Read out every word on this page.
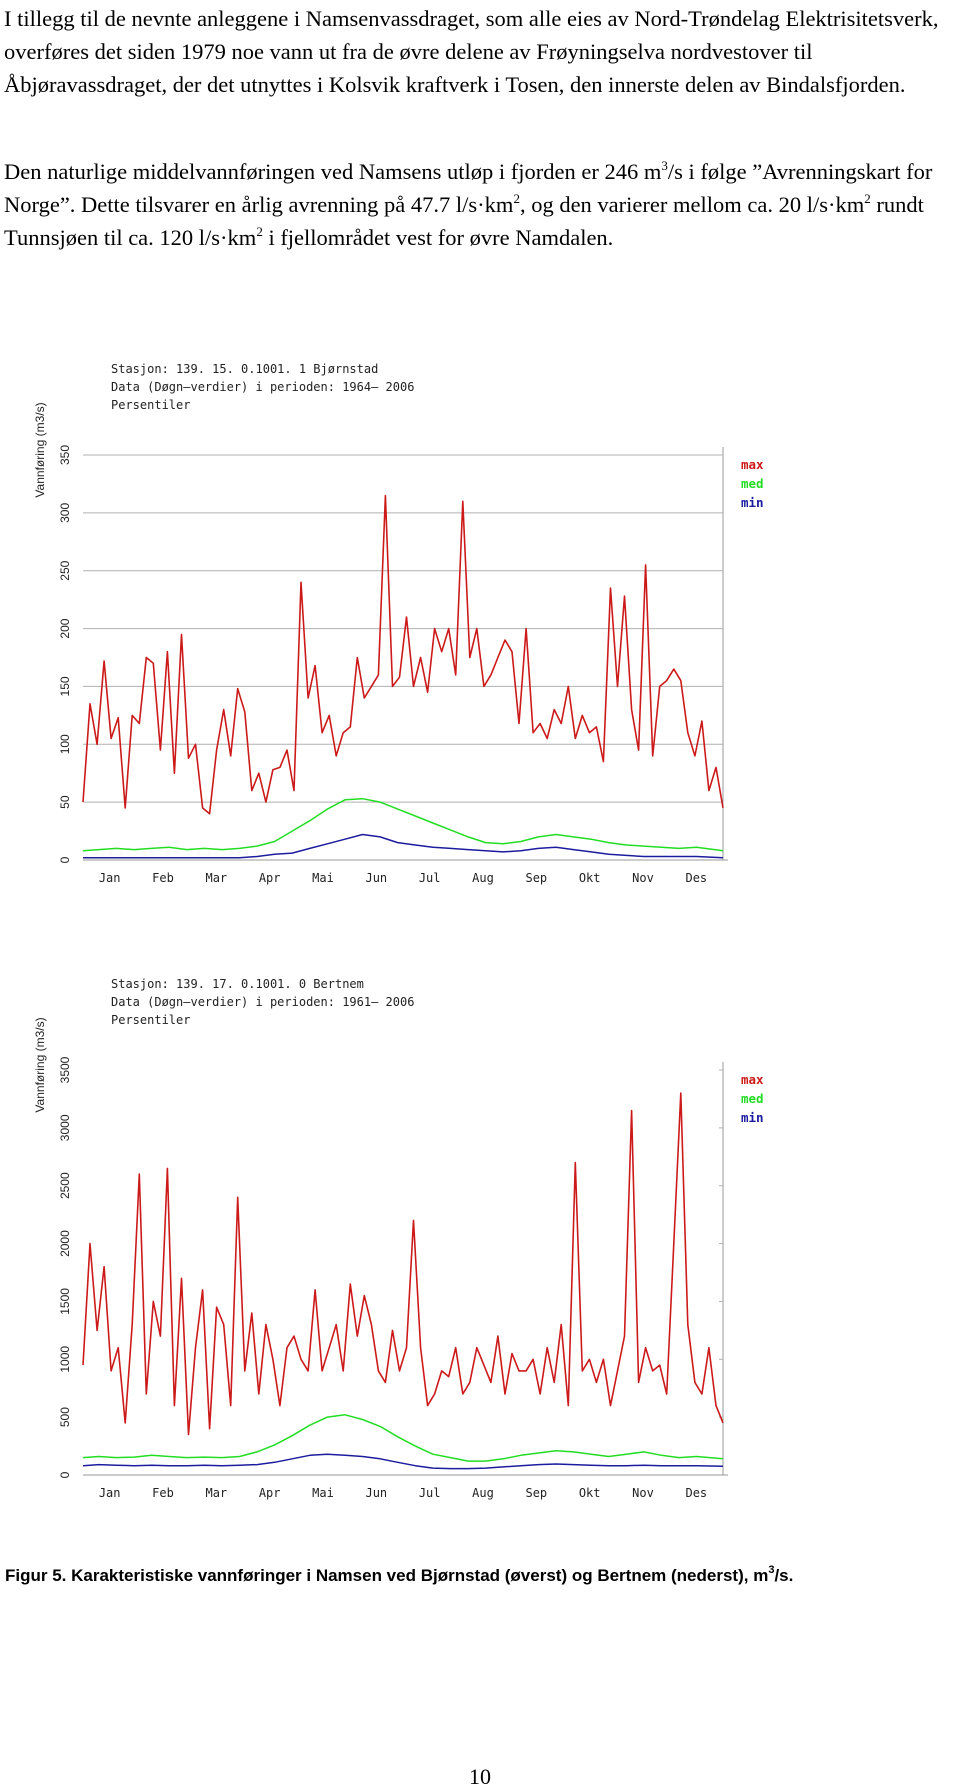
I tillegg til de nevnte anleggene i Namsenvassdraget, som alle eies av Nord-Trøndelag Elektrisitetsverk, overføres det siden 1979 noe vann ut fra de øvre delene av Frøyningselva nordvestover til Åbjøravassdraget, der det utnyttes i Kolsvik kraftverk i Tosen, den innerste delen av Bindalsfjorden.

Den naturlige middelvannføringen ved Namsens utløp i fjorden er 246 $m^3/s$ i følge ”Avrenningskart for Norge”. Dette tilsvarer en årlig avrenning på 47.7 $l/s\cdot km^2$, og den varierer mellom ca. 20 $l/s\cdot km^2$ rundt Tunnsjøen til ca. 120 $l/s\cdot km^2$ i fjellområdet vest for øvre Namdalen.

Stasjon: 139. 15. 0.1001. 1 Bjørnstad
Data (Døgn–verdier) i perioden: 1964– 2006
Persentiler
0
50
100
150
200
250
300
350
Vannføring (m3/s)
Jan	Feb	Mar	Apr	Mai	Jun	Jul	Aug	Sep	Okt	Nov	Des
max
med
min
Stasjon: 139. 17. 0.1001. 0 Bertnem
Data (Døgn–verdier) i perioden: 1961– 2006
Persentiler
0
500
1000
1500
2000
2500
3000
3500
Vannføring (m3/s)
Jan	Feb	Mar	Apr	Mai	Jun	Jul	Aug	Sep	Okt	Nov	Des
max
med
min

Figur 5. Karakteristiske vannføringer i Namsen ved Bjørnstad (øverst) og Bertnem (nederst), $m^3/s$.

10
